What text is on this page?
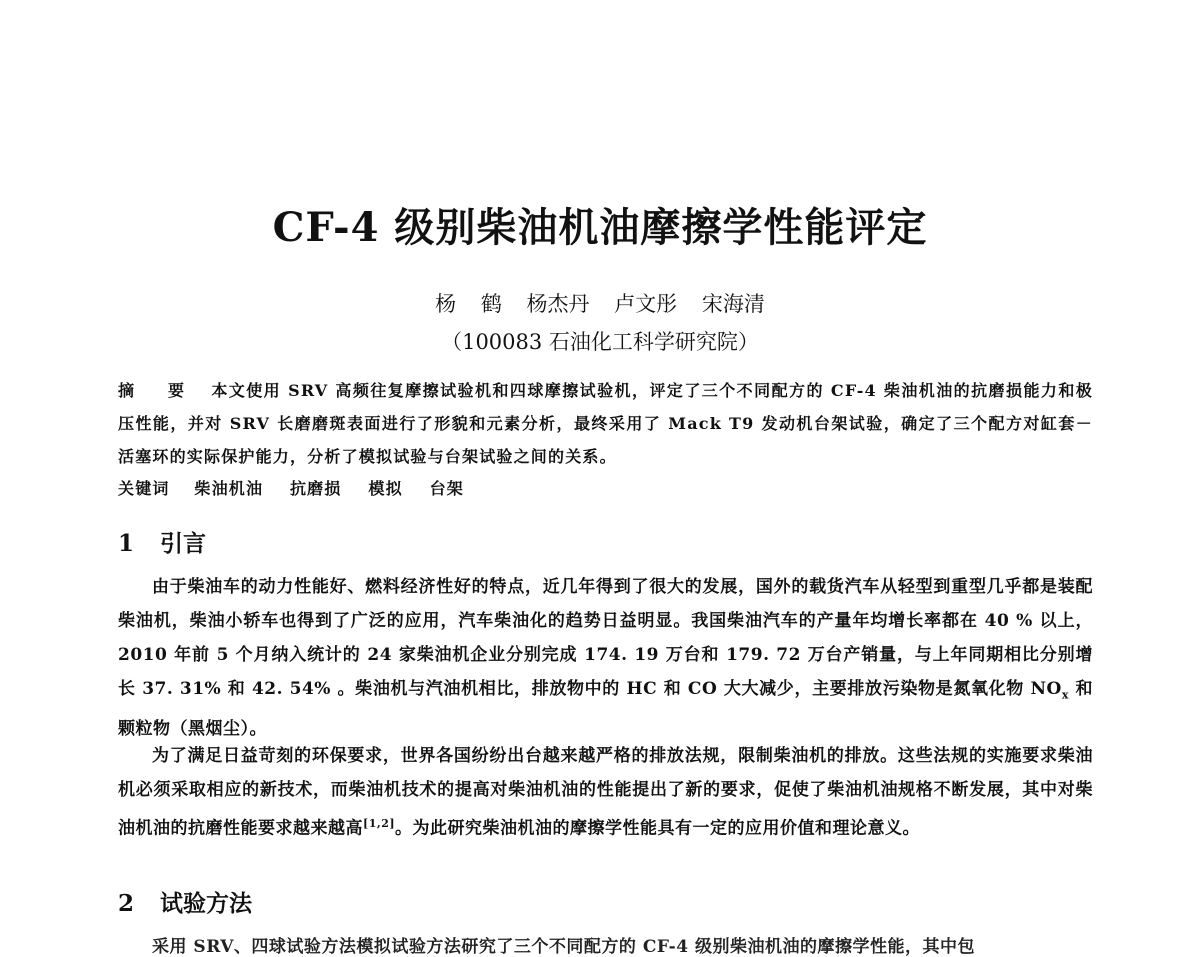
CF-4 级别柴油机油摩擦学性能评定
杨 鹤 杨杰丹 卢文彤 宋海清
（100083 石油化工科学研究院）
摘 要 本文使用 SRV 高频往复摩擦试验机和四球摩擦试验机，评定了三个不同配方的 CF-4 柴油机油的抗磨损能力和极压性能，并对 SRV 长磨磨斑表面进行了形貌和元素分析，最终采用了 Mack T9 发动机台架试验，确定了三个配方对缸套－活塞环的实际保护能力，分析了模拟试验与台架试验之间的关系。
关键词 柴油机油 抗磨损 模拟 台架
1 引言

由于柴油车的动力性能好、燃料经济性好的特点，近几年得到了很大的发展，国外的载货汽车从轻型到重型几乎都是装配柴油机，柴油小轿车也得到了广泛的应用，汽车柴油化的趋势日益明显。我国柴油汽车的产量年均增长率都在 40 % 以上，2010 年前 5 个月纳入统计的 24 家柴油机企业分别完成 174. 19 万台和 179. 72 万台产销量，与上年同期相比分别增长 37. 31% 和 42. 54% 。柴油机与汽油机相比，排放物中的 HC 和 CO 大大减少，主要排放污染物是氮氧化物 $NO_x$ 和颗粒物（黑烟尘）。

为了满足日益苛刻的环保要求，世界各国纷纷出台越来越严格的排放法规，限制柴油机的排放。这些法规的实施要求柴油机必须采取相应的新技术，而柴油机技术的提高对柴油机油的性能提出了新的要求，促使了柴油机油规格不断发展，其中对柴油机油的抗磨性能要求越来越高[1,2]。为此研究柴油机油的摩擦学性能具有一定的应用价值和理论意义。

2 试验方法
采用 SRV、四球试验方法模拟试验方法研究了三个不同配方的 CF-4 级别柴油机油的摩擦学性能，其中包
